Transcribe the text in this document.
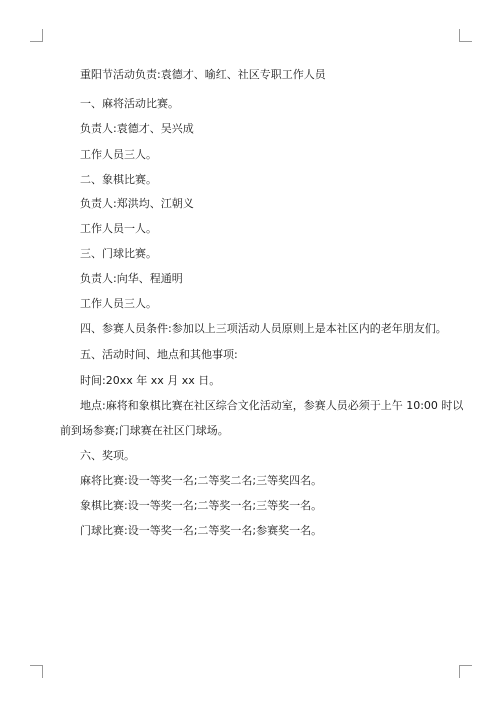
重阳节活动负责:袁德才、喻红、社区专职工作人员
一、麻将活动比赛。
负责人:袁德才、吴兴成
工作人员三人。
二、象棋比赛。
负责人:郑洪均、江朝义
工作人员一人。
三、门球比赛。
负责人:向华、程通明
工作人员三人。
四、参赛人员条件:参加以上三项活动人员原则上是本社区内的老年朋友们。
五、活动时间、地点和其他事项:
时间:20xx 年 xx 月 xx 日。
地点:麻将和象棋比赛在社区综合文化活动室，参赛人员必须于上午 10:00 时以
前到场参赛;门球赛在社区门球场。
六、奖项。
麻将比赛:设一等奖一名;二等奖二名;三等奖四名。
象棋比赛:设一等奖一名;二等奖一名;三等奖一名。
门球比赛:设一等奖一名;二等奖一名;参赛奖一名。
